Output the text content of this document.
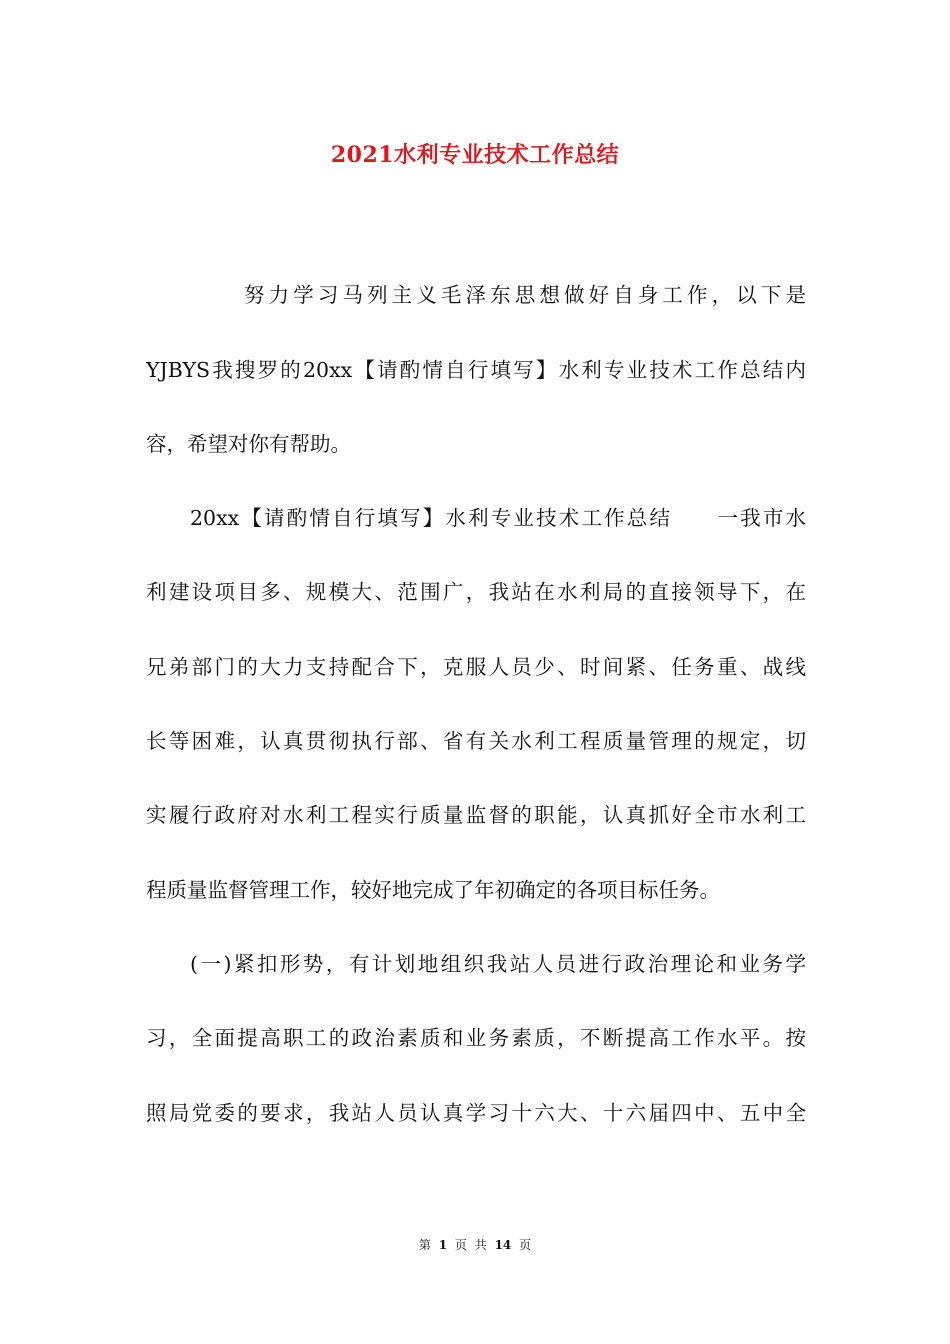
2021水利专业技术工作总结
努力学习马列主义毛泽东思想做好自身工作，以下是
YJBYS我搜罗的20xx【请酌情自行填写】水利专业技术工作总结内
容，希望对你有帮助。
20xx【请酌情自行填写】水利专业技术工作总结　　一我市水
利建设项目多、规模大、范围广，我站在水利局的直接领导下，在
兄弟部门的大力支持配合下，克服人员少、时间紧、任务重、战线
长等困难，认真贯彻执行部、省有关水利工程质量管理的规定，切
实履行政府对水利工程实行质量监督的职能，认真抓好全市水利工
程质量监督管理工作，较好地完成了年初确定的各项目标任务。
(一)紧扣形势，有计划地组织我站人员进行政治理论和业务学
习，全面提高职工的政治素质和业务素质，不断提高工作水平。按
照局党委的要求，我站人员认真学习十六大、十六届四中、五中全
第 1 页 共 14 页
